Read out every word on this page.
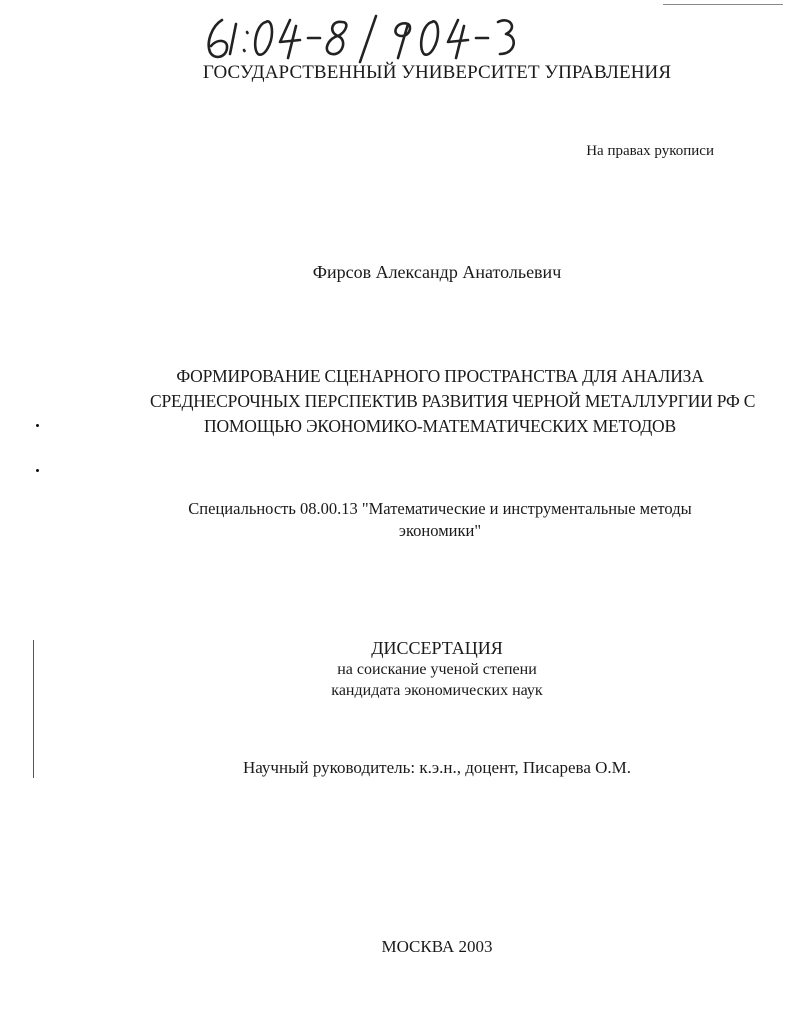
ГОСУДАРСТВЕННЫЙ УНИВЕРСИТЕТ УПРАВЛЕНИЯ
На правах рукописи
Фирсов Александр Анатольевич
ФОРМИРОВАНИЕ СЦЕНАРНОГО ПРОСТРАНСТВА ДЛЯ АНАЛИЗА
СРЕДНЕСРОЧНЫХ ПЕРСПЕКТИВ РАЗВИТИЯ ЧЕРНОЙ МЕТАЛЛУРГИИ РФ С
ПОМОЩЬЮ ЭКОНОМИКО-МАТЕМАТИЧЕСКИХ МЕТОДОВ
Специальность 08.00.13 "Математические и инструментальные методы
экономики"
ДИССЕРТАЦИЯ
на соискание ученой степени
кандидата экономических наук
Научный руководитель: к.э.н., доцент, Писарева О.М.
МОСКВА 2003
